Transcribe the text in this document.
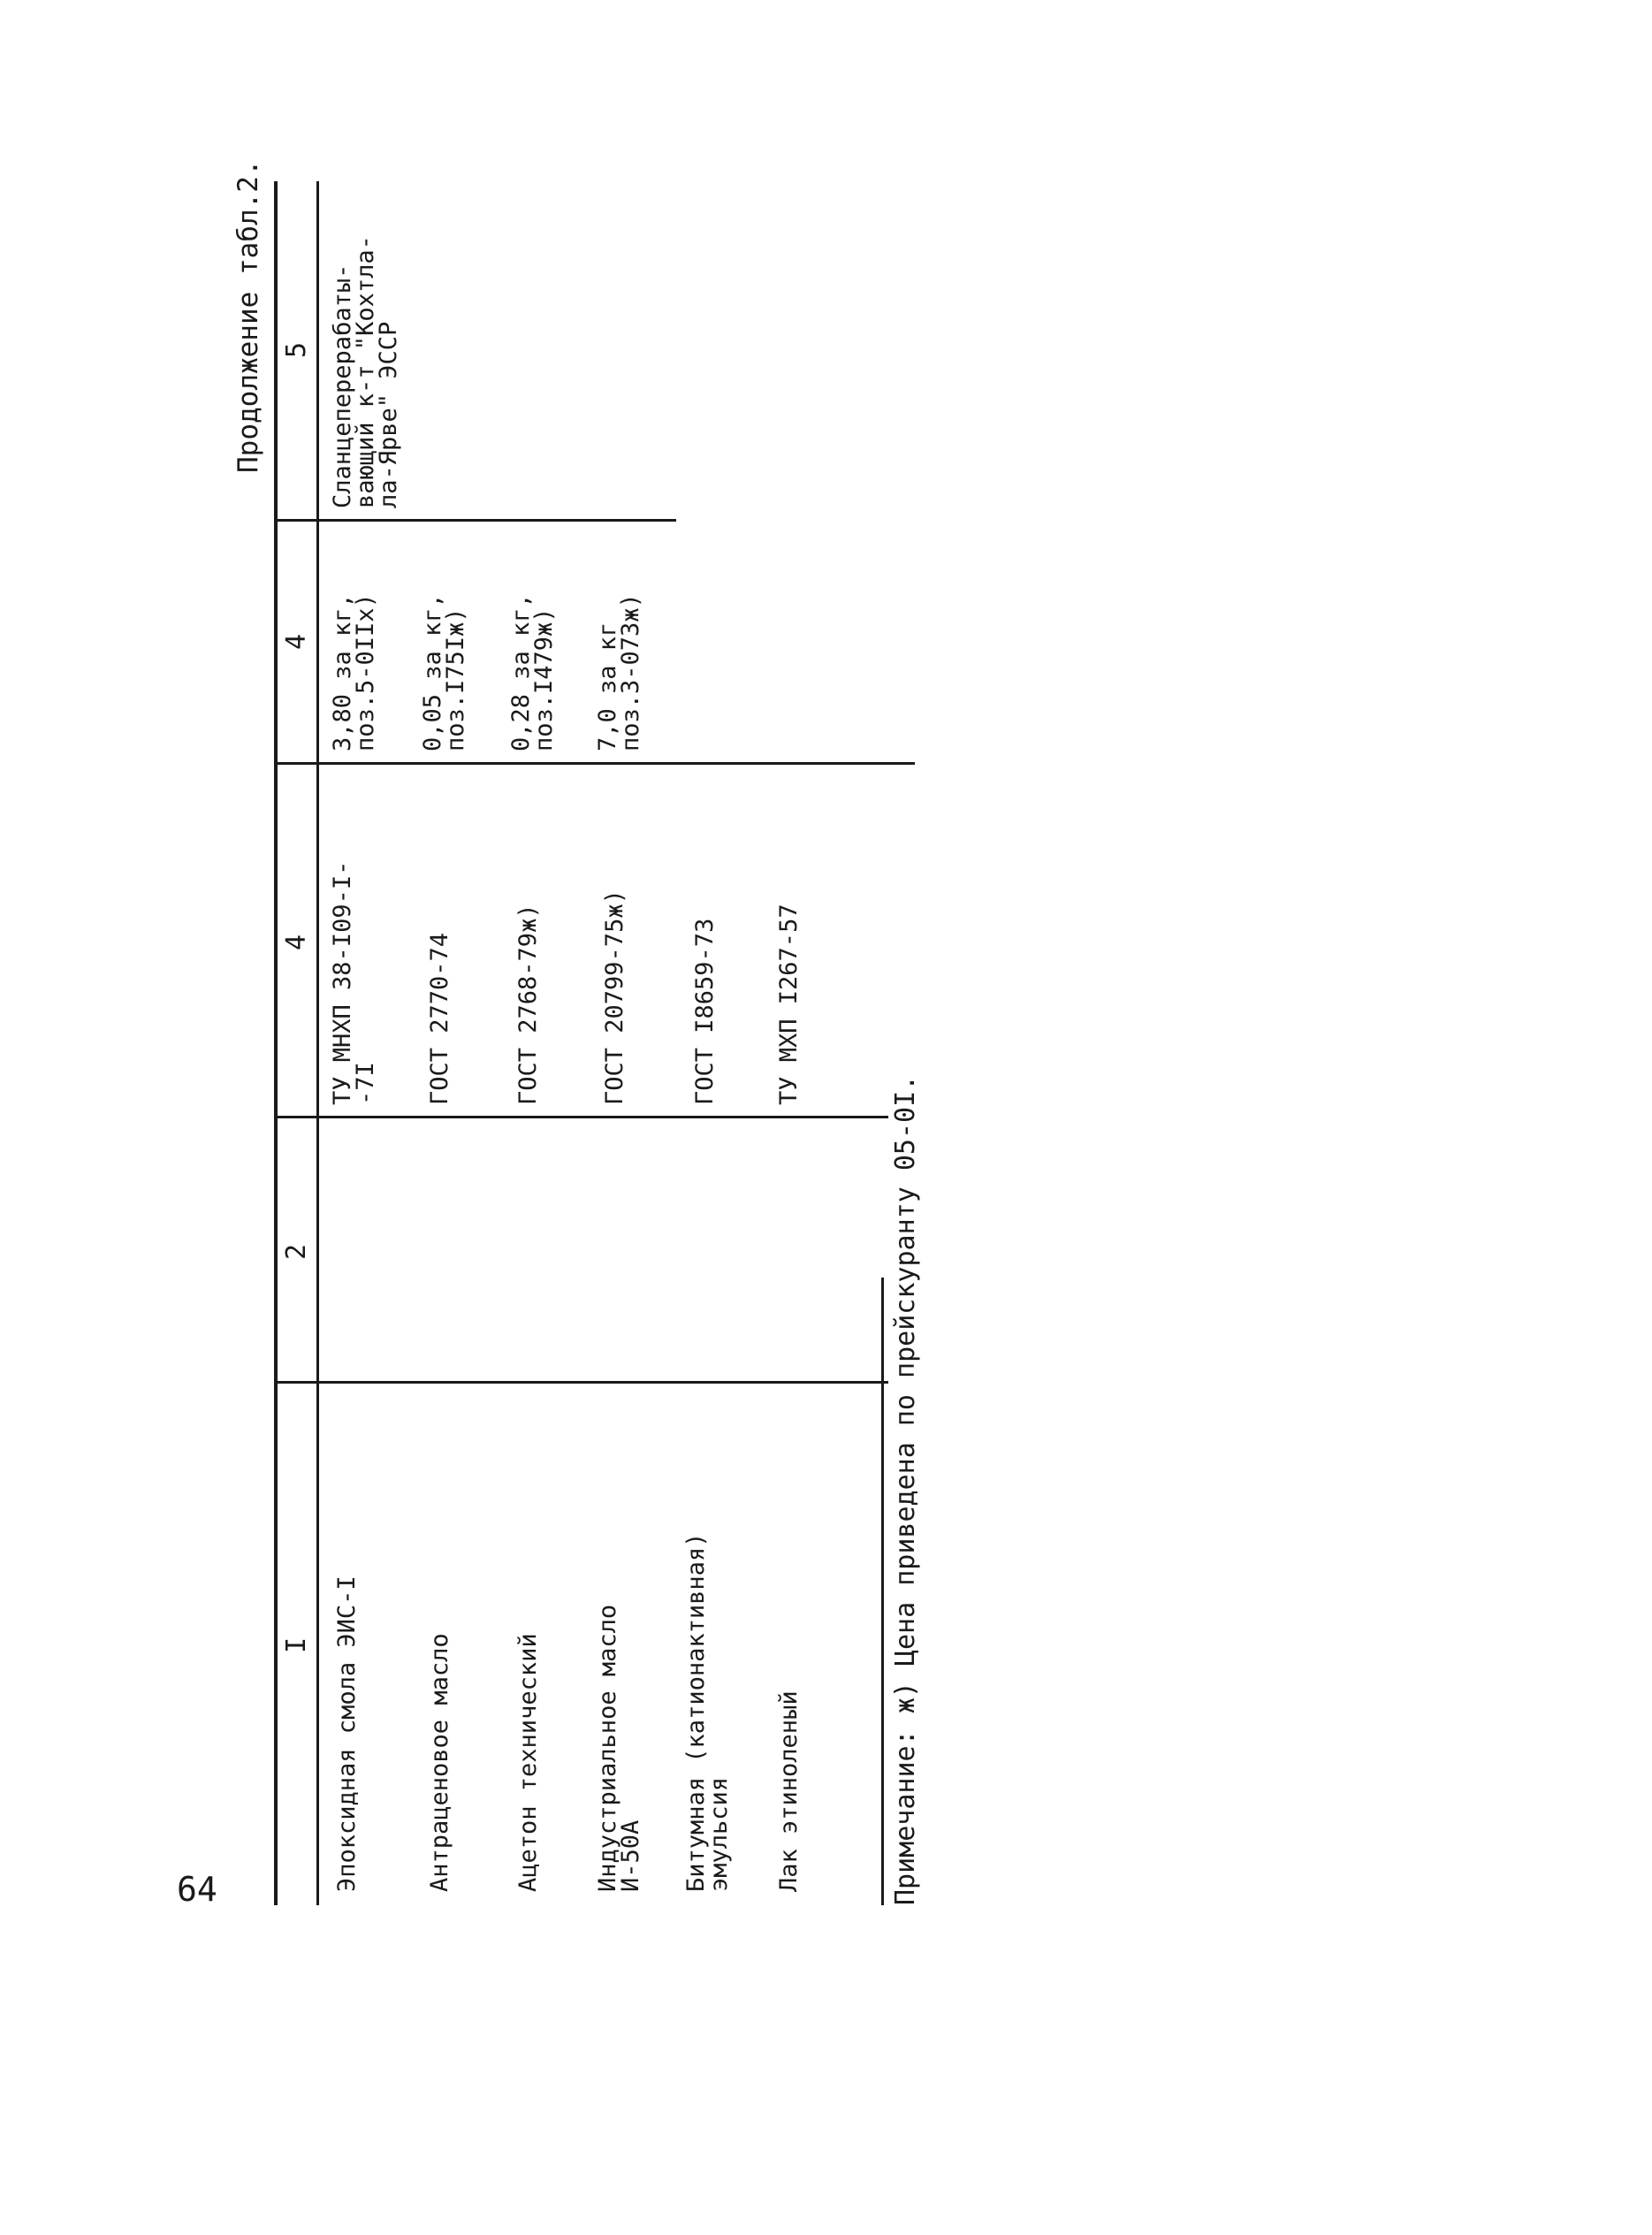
64
Продолжение табл.2.
I
2
4
4
5
Эпоксидная смола ЭИС-I
ТУ МНХП 38-I09-I-
-7I
3,80 за кг,
поз.5-0IIх)
Сланцеперерабаты-
вающий к-т "Кохтла-
ла-Ярве" ЭССР
Антраценовое масло
ГОСТ 2770-74
0,05 за кг,
поз.I75Iж)
Ацетон технический
ГОСТ 2768-79ж)
0,28 за кг,
поз.I479ж)
Индустриальное масло
И-50А
ГОСТ 20799-75ж)
7,0 за кг
поз.3-073ж)
Битумная (катионактивная)
эмульсия
ГОСТ I8659-73
Лак этиноленый
ТУ МХП I267-57
Примечание: ж) Цена приведена по прейскуранту 05-0I.
